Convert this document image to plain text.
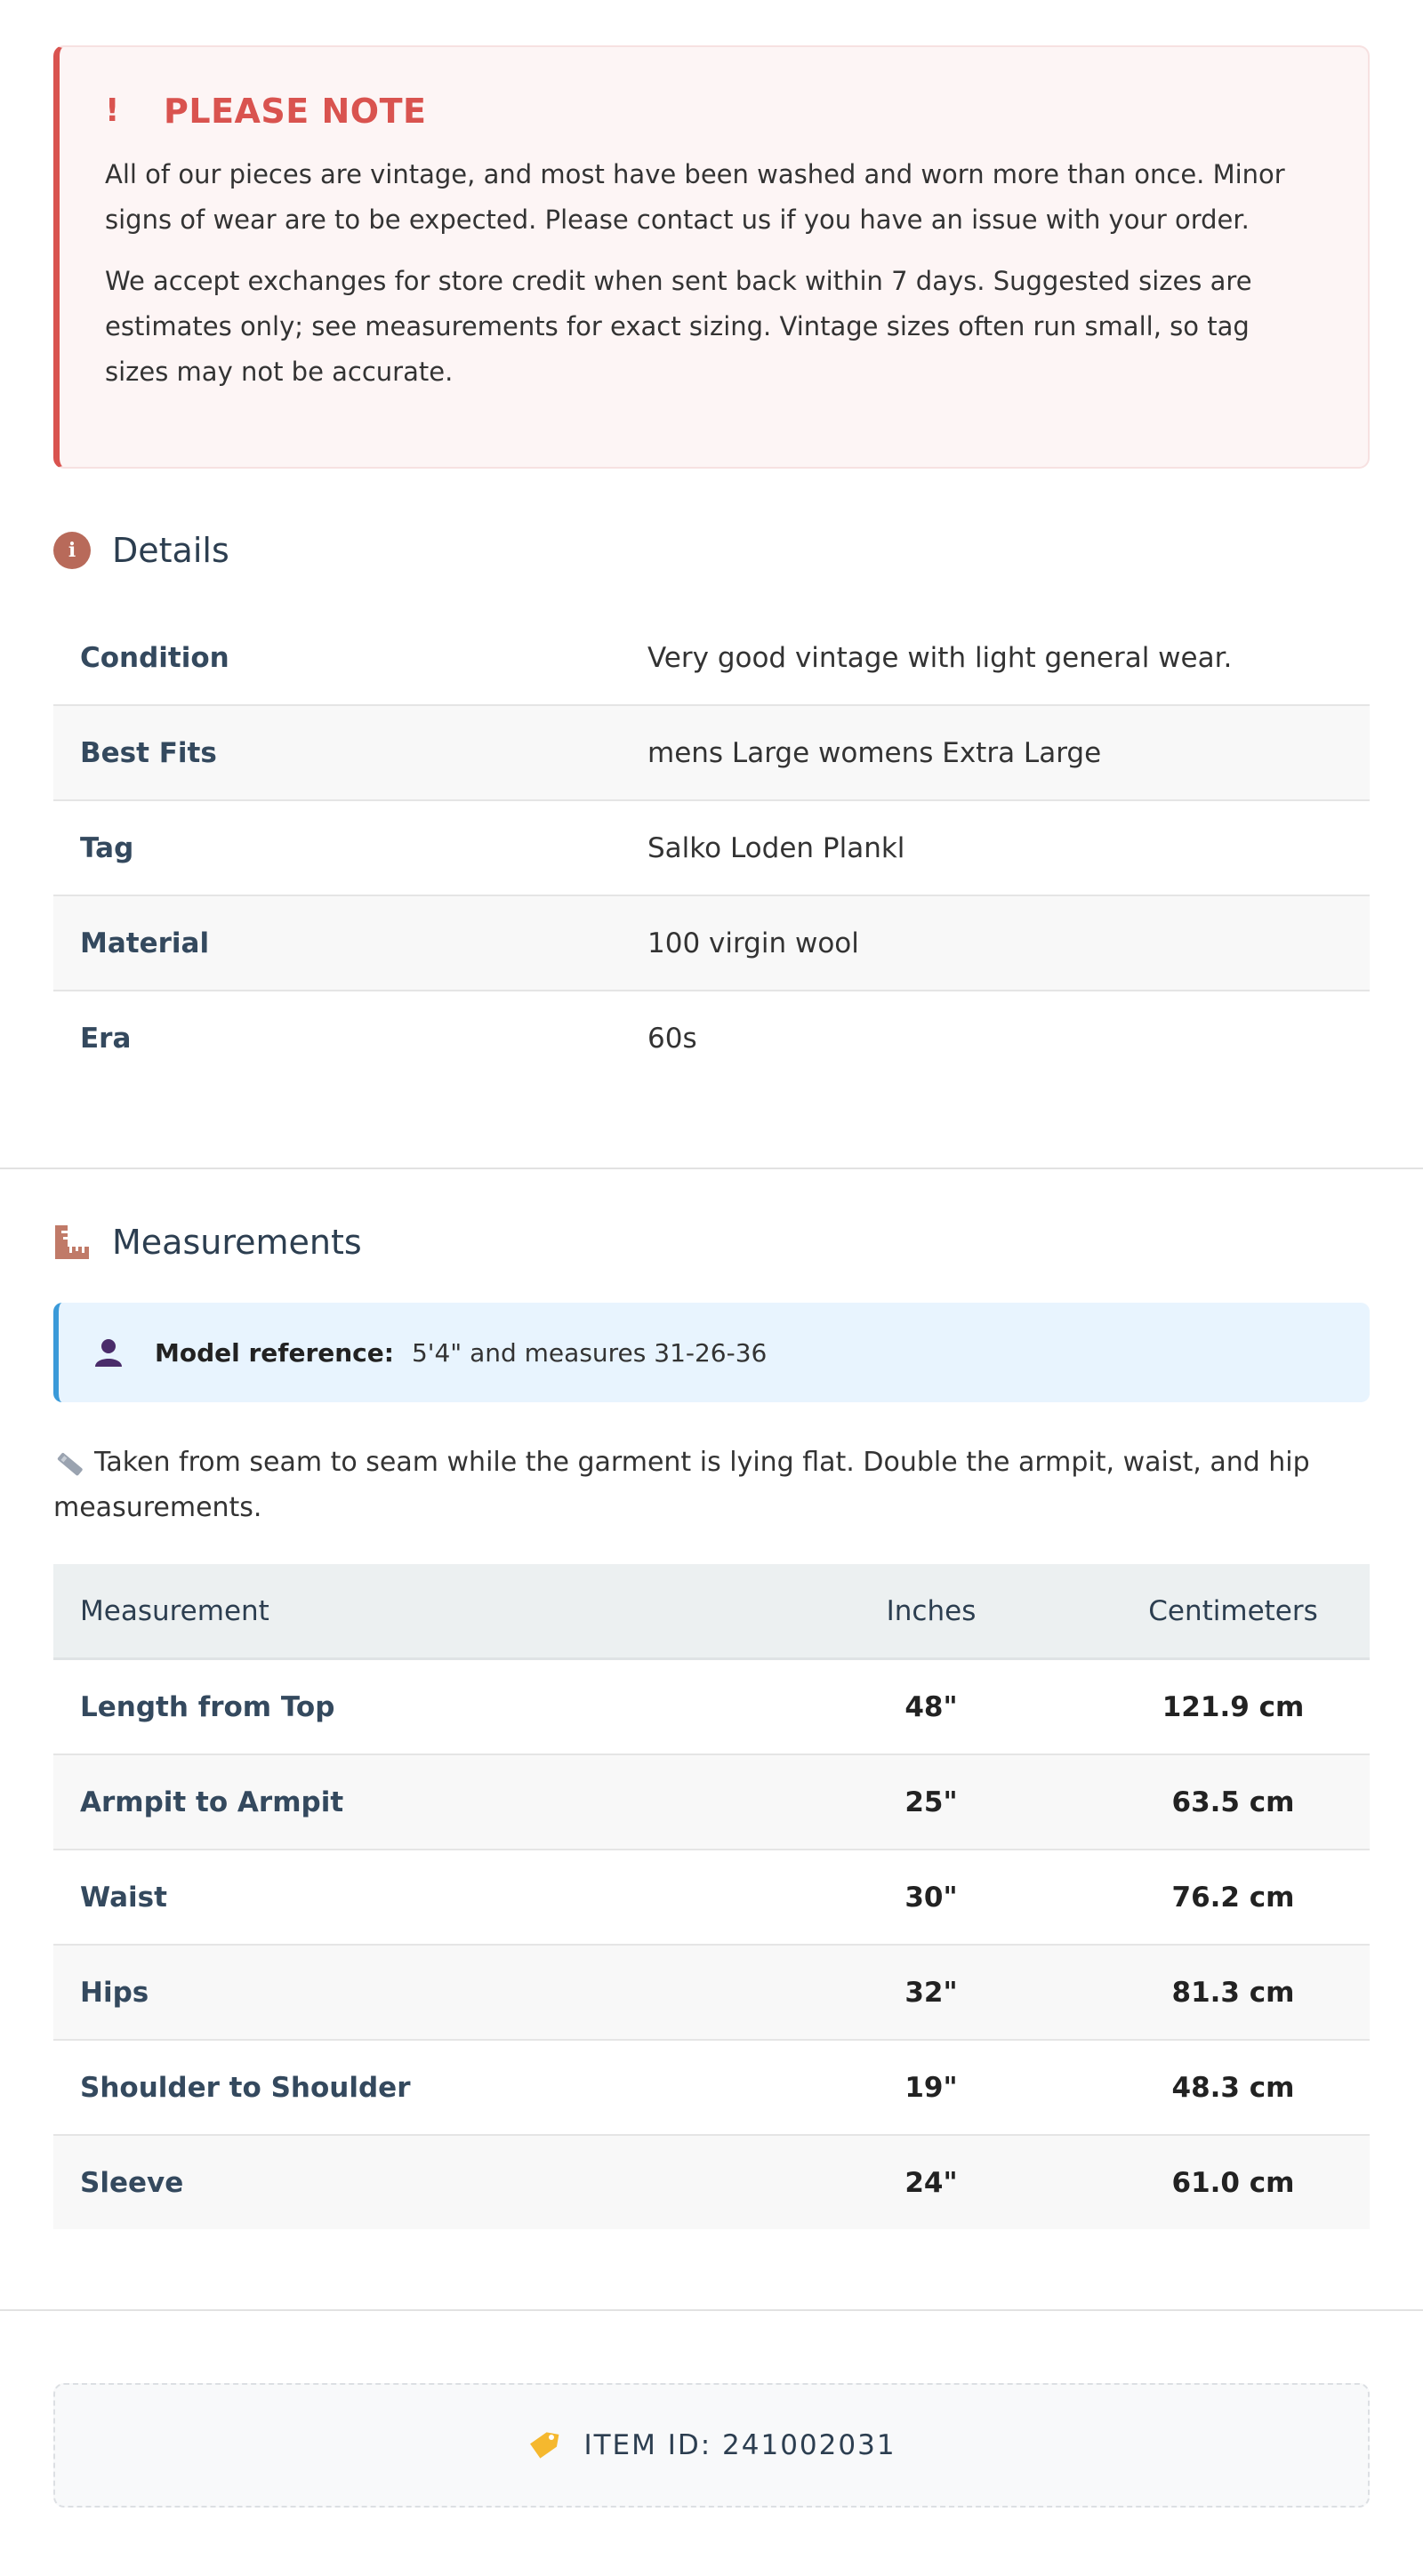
!	PLEASE NOTE

All of our pieces are vintage, and most have been washed and worn more than once. Minor signs of wear are to be expected. Please contact us if you have an issue with your order.

We accept exchanges for store credit when sent back within 7 days. Suggested sizes are estimates only; see measurements for exact sizing. Vintage sizes often run small, so tag sizes may not be accurate.

i	Details
Condition	Very good vintage with light general wear.
Best Fits	mens Large womens Extra Large
Tag	Salko Loden Plankl
Material	100 virgin wool
Era	60s
Measurements
Model reference: 5'4" and measures 31-26-36
Taken from seam to seam while the garment is lying flat. Double the armpit, waist, and hip measurements.
Measurement	Inches	Centimeters
Length from Top	48"	121.9 cm
Armpit to Armpit	25"	63.5 cm
Waist	30"	76.2 cm
Hips	32"	81.3 cm
Shoulder to Shoulder	19"	48.3 cm
Sleeve	24"	61.0 cm
ITEM ID: 241002031
